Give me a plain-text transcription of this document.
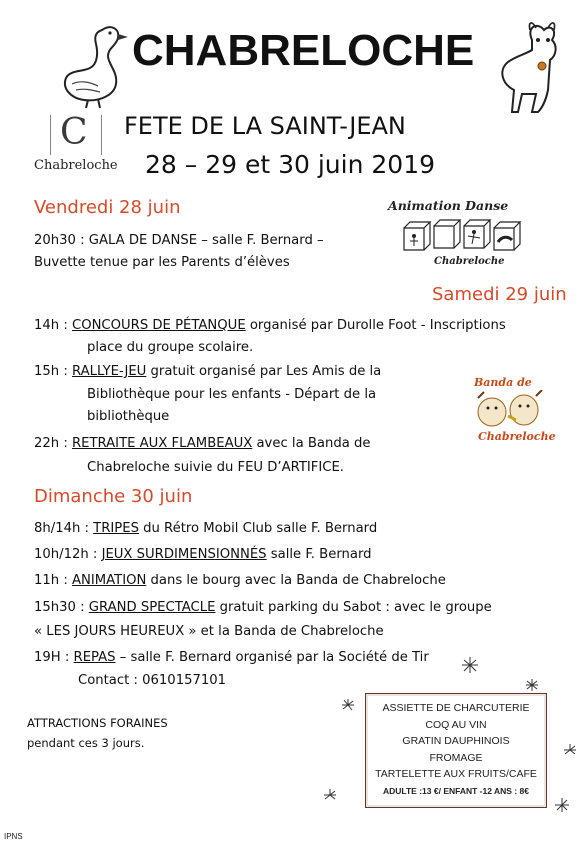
CHABRELOCHE
C
Chabreloche
FETE DE LA SAINT-JEAN
28 – 29 et 30 juin 2019
Vendredi 28 juin
20h30 : GALA DE DANSE – salle F. Bernard –
Buvette tenue par les Parents d’élèves
Animation Danse
Chabreloche
Samedi 29 juin
14h : CONCOURS DE PÉTANQUE organisé par Durolle Foot - Inscriptions
place du groupe scolaire.
15h : RALLYE-JEU gratuit organisé par Les Amis de la
Bibliothèque pour les enfants - Départ de la
bibliothèque
22h : RETRAITE AUX FLAMBEAUX avec la Banda de
Chabreloche suivie du FEU D’ARTIFICE.
Banda de
Chabreloche
Dimanche 30 juin
8h/14h : TRIPES du Rétro Mobil Club salle F. Bernard
10h/12h : JEUX SURDIMENSIONNÉS salle F. Bernard
11h : ANIMATION dans le bourg avec la Banda de Chabreloche
15h30 : GRAND SPECTACLE gratuit parking du Sabot : avec le groupe
« LES JOURS HEUREUX » et la Banda de Chabreloche
19H : REPAS – salle F. Bernard organisé par la Société de Tir
Contact : 0610157101
ATTRACTIONS FORAINES
pendant ces 3 jours.
ASSIETTE DE CHARCUTERIE
COQ AU VIN
GRATIN DAUPHINOIS
FROMAGE
TARTELETTE AUX FRUITS/CAFE
ADULTE :13 €/ ENFANT -12 ANS : 8€
IPNS
